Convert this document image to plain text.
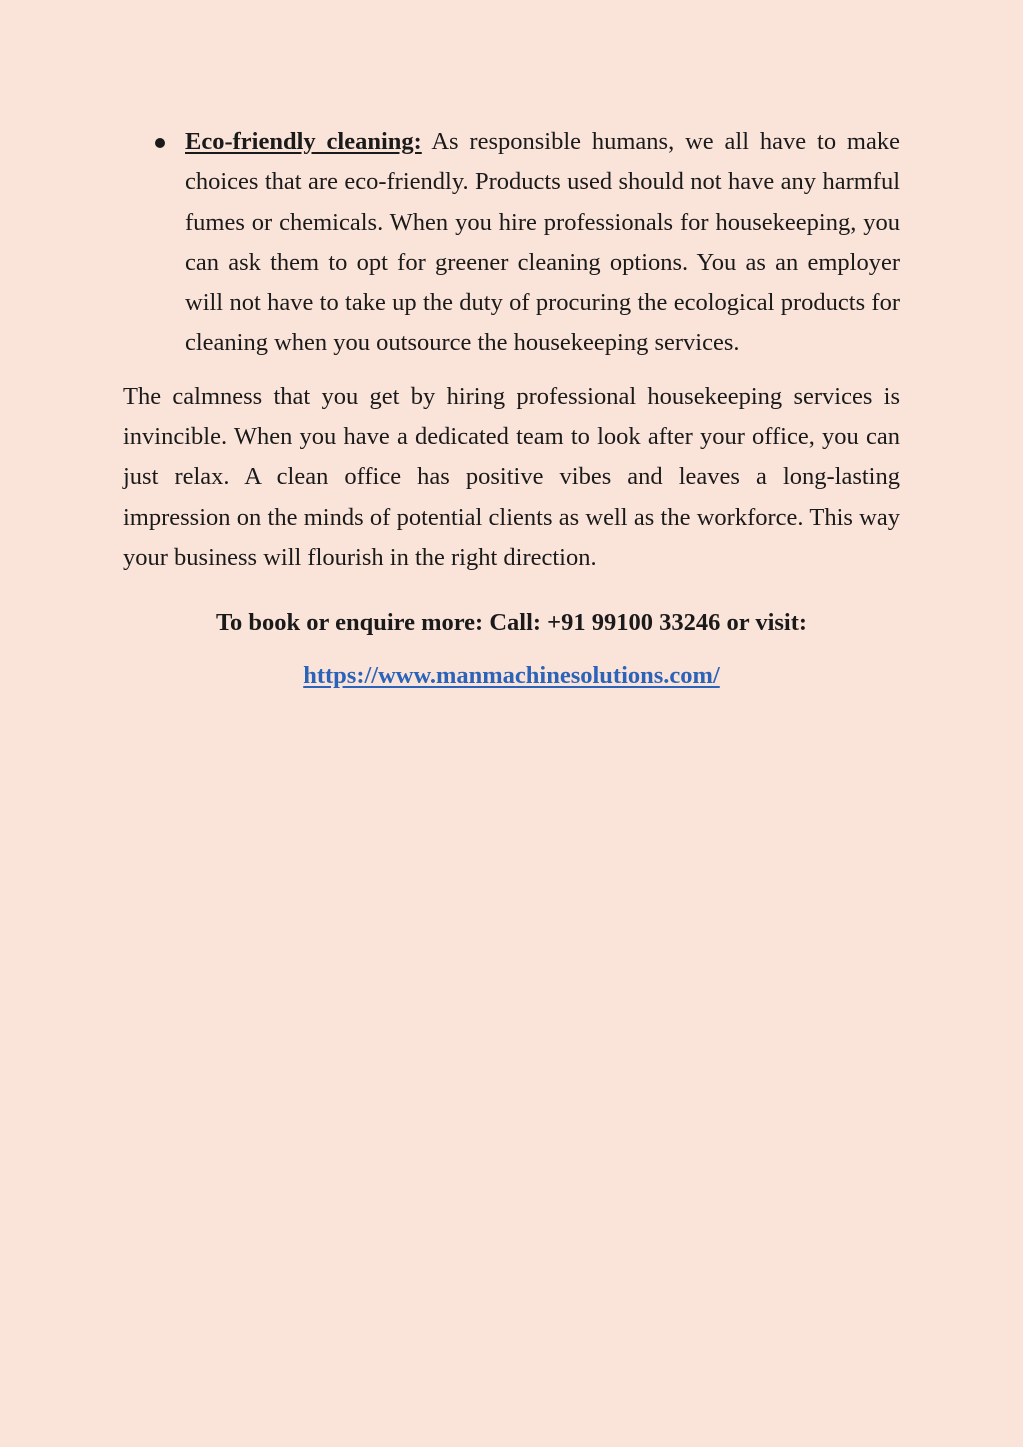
Eco-friendly cleaning: As responsible humans, we all have to make choices that are eco-friendly. Products used should not have any harmful fumes or chemicals. When you hire professionals for housekeeping, you can ask them to opt for greener cleaning options. You as an employer will not have to take up the duty of procuring the ecological products for cleaning when you outsource the housekeeping services.

The calmness that you get by hiring professional housekeeping services is invincible. When you have a dedicated team to look after your office, you can just relax. A clean office has positive vibes and leaves a long-lasting impression on the minds of potential clients as well as the workforce. This way your business will flourish in the right direction.

To book or enquire more: Call: +91 99100 33246 or visit:
https://www.manmachinesolutions.com/
